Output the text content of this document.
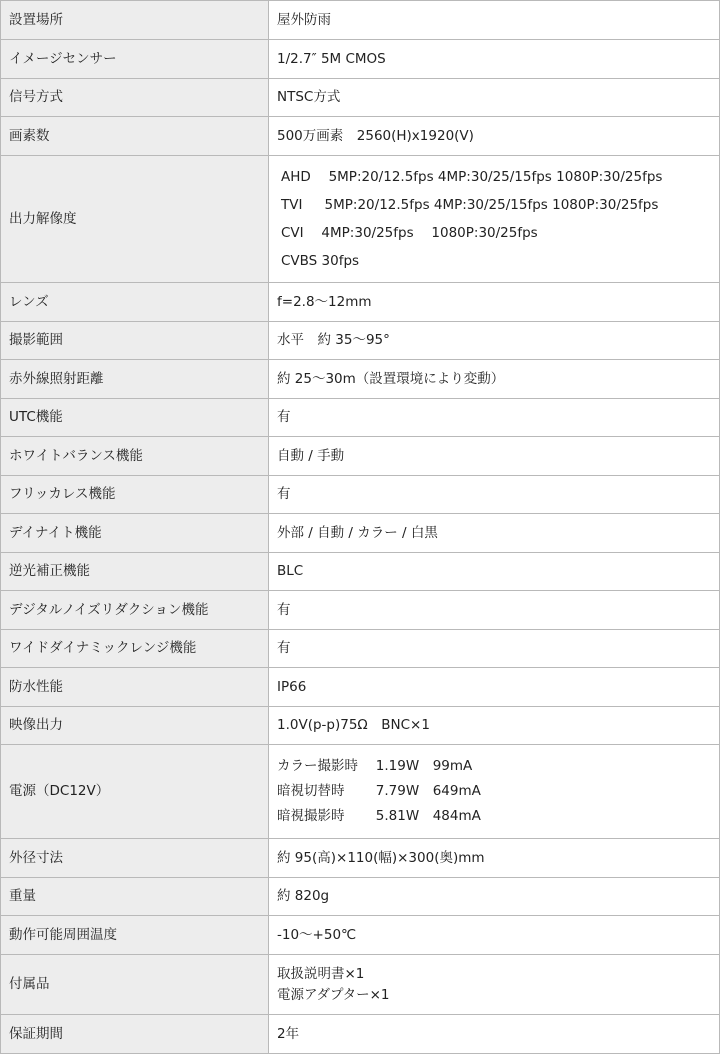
設置場所	屋外防雨
イメージセンサー	1/2.7″ 5M CMOS
信号方式	NTSC方式
画素数	500万画素　2560(H)x1920(V)
出力解像度	AHD　 5MP:20/12.5fps 4MP:30/25/15fps 1080P:30/25fps
TVI　  5MP:20/12.5fps 4MP:30/25/15fps 1080P:30/25fps
CVI　 4MP:30/25fps　 1080P:30/25fps
CVBS 30fps

レンズ	f=2.8～12mm
撮影範囲	水平　約 35～95°
赤外線照射距離	約 25～30m（設置環境により変動）
UTC機能	有
ホワイトバランス機能	自動 / 手動
フリッカレス機能	有
デイナイト機能	外部 / 自動 / カラー / 白黒
逆光補正機能	BLC
デジタルノイズリダクション機能	有
ワイドダイナミックレンジ機能	有
防水性能	IP66
映像出力	1.0V(p-p)75Ω　BNC×1
電源（DC12V）	カラー撮影時　 1.19W　99mA
暗視切替時　　 7.79W　649mA
暗視撮影時　　 5.81W　484mA

外径寸法	約 95(高)×110(幅)×300(奥)mm
重量	約 820g
動作可能周囲温度	-10～+50℃
付属品	取扱説明書×1
電源アダプター×1

保証期間	2年
